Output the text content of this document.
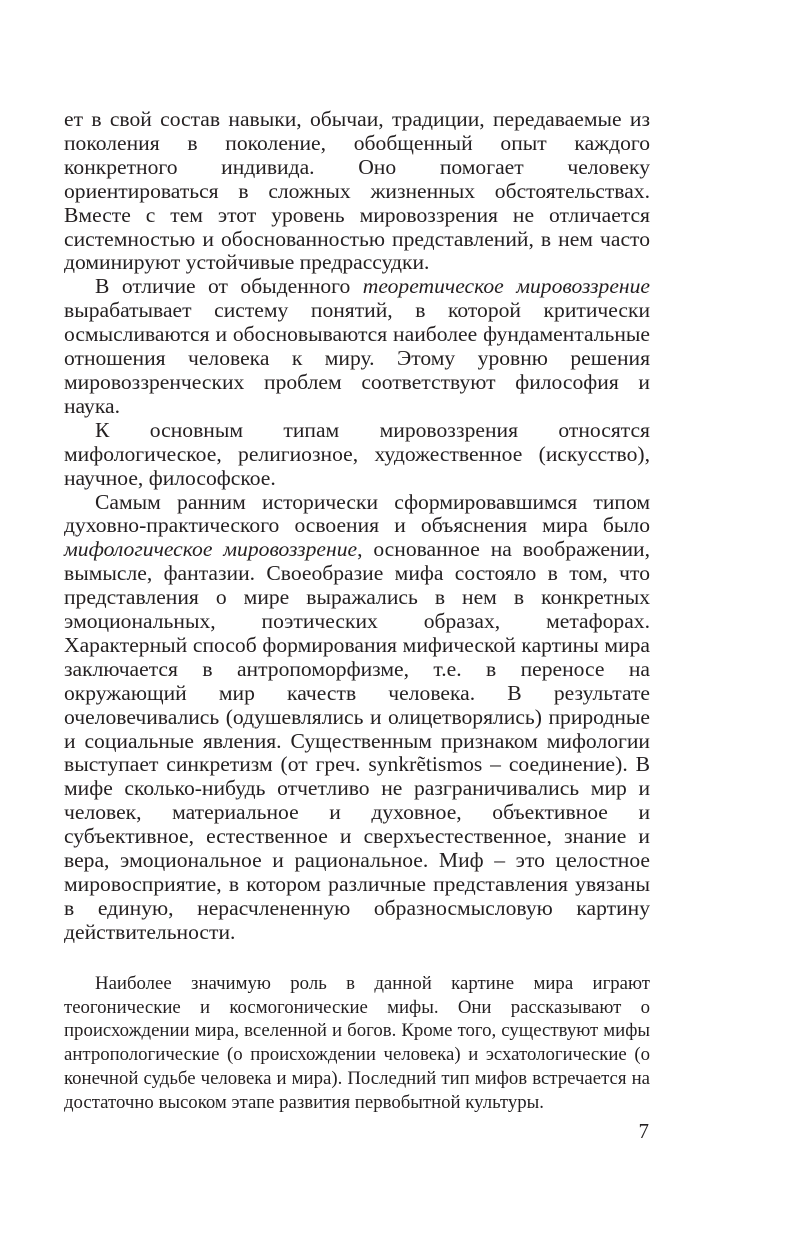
ет в свой состав навыки, обычаи, традиции, передаваемые из поколения в поколение, обобщенный опыт каждого конкретного индивида. Оно помогает человеку ориентироваться в сложных жизненных обстоятельствах. Вместе с тем этот уровень мировоззрения не отличается системностью и обоснованностью представлений, в нем часто доминируют устойчивые предрассудки.

В отличие от обыденного теоретическое мировоззрение вырабатывает систему понятий, в которой критически осмысливаются и обосновываются наиболее фундаментальные отношения человека к миру. Этому уровню решения мировоззренческих проблем соответствуют философия и наука.

К основным типам мировоззрения относятся мифологическое, религиозное, художественное (искусство), научное, философское.

Самым ранним исторически сформировавшимся типом духовно-практического освоения и объяснения мира было мифологическое мировоззрение, основанное на воображении, вымысле, фантазии. Своеобразие мифа состояло в том, что представления о мире выражались в нем в конкретных эмоциональных, поэтических образах, метафорах. Характерный способ формирования мифической картины мира заключается в антропоморфизме, т.е. в переносе на окружающий мир качеств человека. В результате очеловечивались (одушевлялись и олицетворялись) природные и социальные явления. Существенным признаком мифологии выступает синкретизм (от греч. synkrẽtismos – соединение). В мифе сколько-нибудь отчетливо не разграничивались мир и человек, материальное и духовное, объективное и субъективное, естественное и сверхъестественное, знание и вера, эмоциональное и рациональное. Миф – это целостное мировосприятие, в котором различные представления увязаны в единую, нерасчлененную образносмысловую картину действительности.

Наиболее значимую роль в данной картине мира играют теогонические и космогонические мифы. Они рассказывают о происхождении мира, вселенной и богов. Кроме того, существуют мифы антропологические (о происхождении человека) и эсхатологические (о конечной судьбе человека и мира). Последний тип мифов встречается на достаточно высоком этапе развития первобытной культуры.

7
